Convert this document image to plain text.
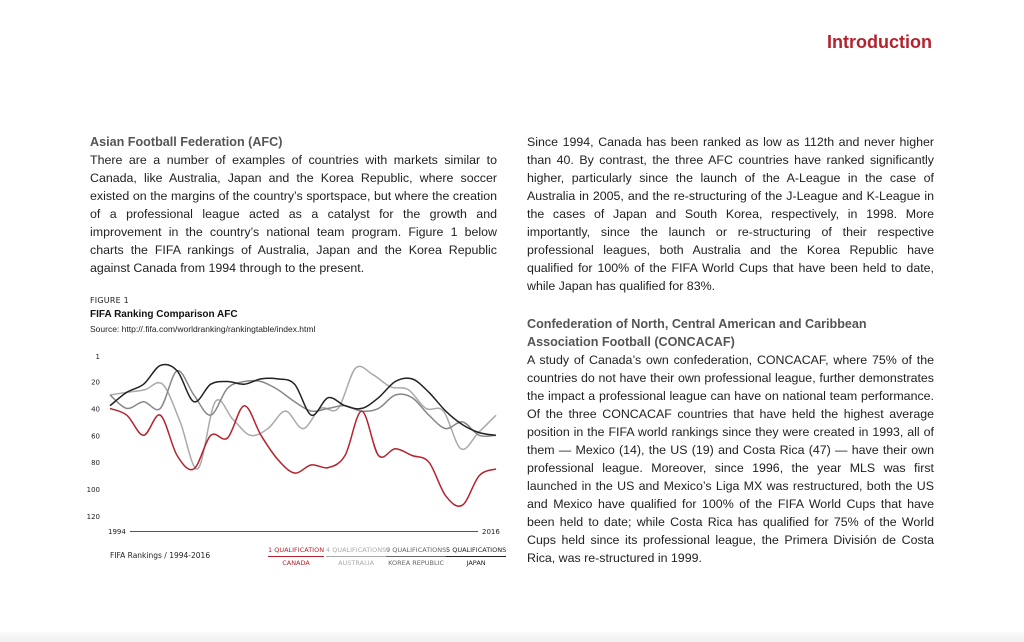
Introduction
Asian Football Federation (AFC)

There are a number of examples of countries with markets similar to Canada, like Australia, Japan and the Korea Republic, where soccer existed on the margins of the country’s sportspace, but where the creation of a professional league acted as a catalyst for the growth and improvement in the country’s national team program. Figure 1 below charts the FIFA rankings of Australia, Japan and the Korea Republic against Canada from 1994 through to the present.

FIGURE 1
FIFA Ranking Comparison AFC
Source: http://.fifa.com/worldranking/rankingtable/index.html
1
20
40
60
80
100
120
1994	2016
FIFA Rankings / 1994-2016
1 QUALIFICATION
CANADA
4 QUALIFICATIONS
AUSTRALIA
9 QUALIFICATIONS
KOREA REPUBLIC
5 QUALIFICATIONS
JAPAN

Since 1994, Canada has been ranked as low as 112th and never higher than 40. By contrast, the three AFC countries have ranked significantly higher, particularly since the launch of the A-League in the case of Australia in 2005, and the re-structuring of the J-League and K-League in the cases of Japan and South Korea, respectively, in 1998. More importantly, since the launch or re-structuring of their respective professional leagues, both Australia and the Korea Republic have qualified for 100% of the FIFA World Cups that have been held to date, while Japan has qualified for 83%.

Confederation of North, Central American and Caribbean Association Football (CONCACAF)

A study of Canada’s own confederation, CONCACAF, where 75% of the countries do not have their own professional league, further demonstrates the impact a professional league can have on national team performance. Of the three CONCACAF countries that have held the highest average position in the FIFA world rankings since they were created in 1993, all of them — Mexico (14), the US (19) and Costa Rica (47) — have their own professional league. Moreover, since 1996, the year MLS was first launched in the US and Mexico’s Liga MX was restructured, both the US and Mexico have qualified for 100% of the FIFA World Cups that have been held to date; while Costa Rica has qualified for 75% of the World Cups held since its professional league, the Primera División de Costa Rica, was re-structured in 1999.
